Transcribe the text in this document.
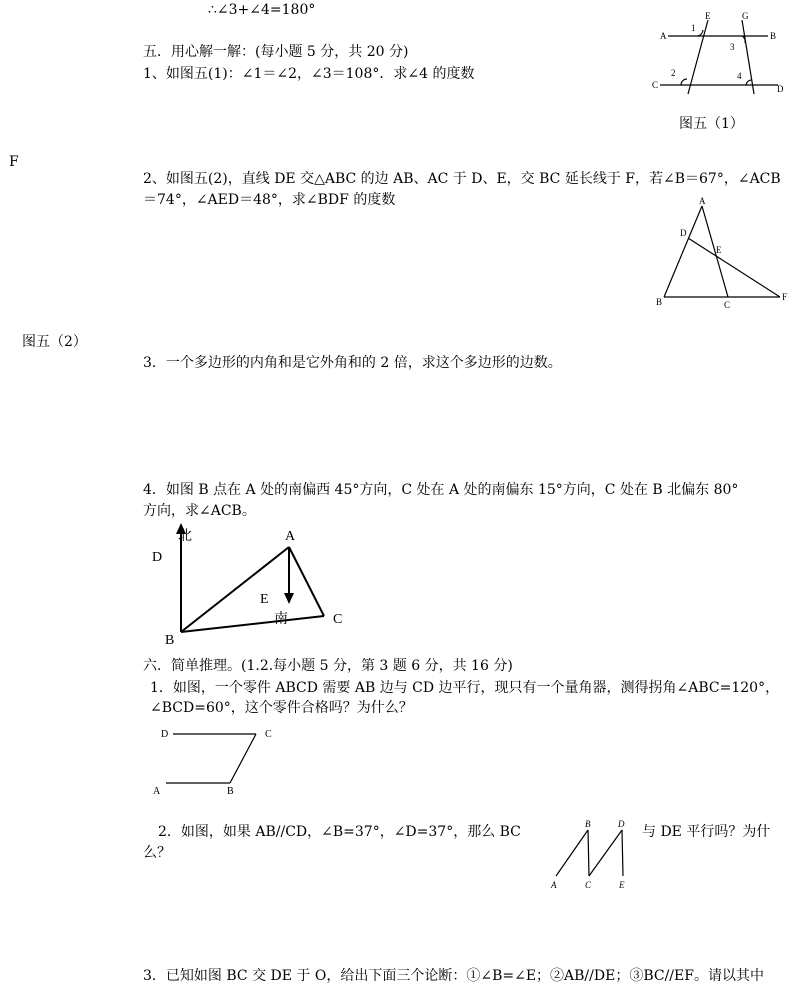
∴∠3+∠4=180°
五．用心解一解：(每小题 5 分，共 20 分)
1、如图五(1)：∠1＝∠2，∠3＝108°．求∠4 的度数
A	B
C	D
E	G
1
2
3
4
图五（1）
F
2、如图五(2)，直线 DE 交△ABC 的边 AB、AC 于 D、E，交 BC 延长线于 F，若∠B＝67°，∠ACB
＝74°，∠AED＝48°，求∠BDF 的度数	A
B	C
D
E
F
图五（2）
3．一个多边形的内角和是它外角和的 2 倍，求这个多边形的边数。
4．如图 B 点在 A 处的南偏西 45°方向，C 处在 A 处的南偏东 15°方向，C 处在 B 北偏东 80°
方向，求∠ACB。
北
南
A
B
C
D
E
六．简单推理。(1.2.每小题 5 分，第 3 题 6 分，共 16 分)
1．如图，一个零件 ABCD 需要 AB 边与 CD 边平行，现只有一个量角器，测得拐角∠ABC=120°，
∠BCD=60°，这个零件合格吗？为什么？
D	C
A	B
2．如图，如果 AB//CD，∠B=37°，∠D=37°，那么 BC	与 DE 平行吗？为什
么？
B	D
A	C	E
3．已知如图 BC 交 DE 于 O，给出下面三个论断：①∠B=∠E；②AB//DE；③BC//EF。请以其中
